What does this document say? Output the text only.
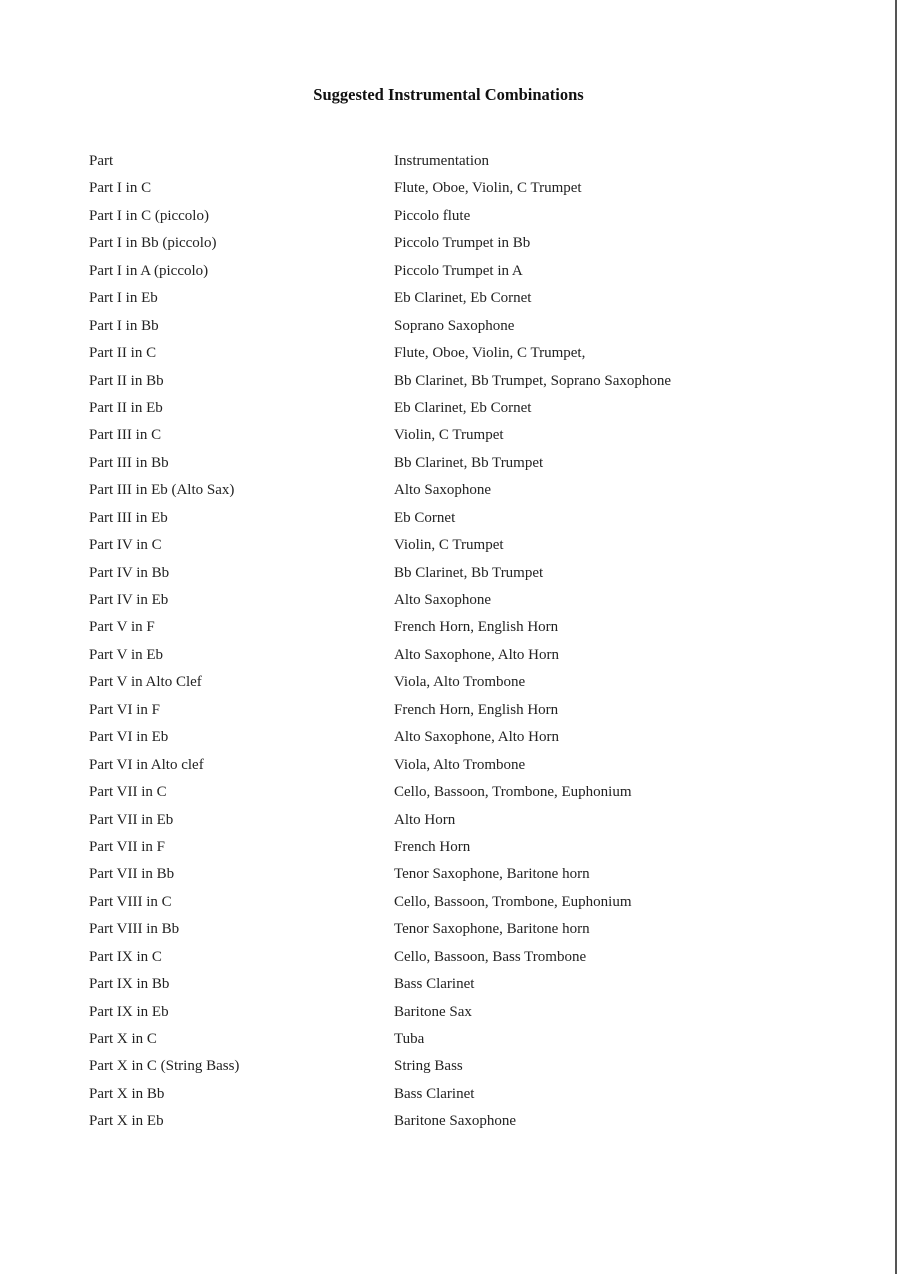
Suggested Instrumental Combinations
Part	Instrumentation
Part I in C	Flute, Oboe, Violin, C Trumpet
Part I in C (piccolo)	Piccolo flute
Part I in Bb (piccolo)	Piccolo Trumpet in Bb
Part I in A (piccolo)	Piccolo Trumpet in A
Part I in Eb	Eb Clarinet, Eb Cornet
Part I in Bb	Soprano Saxophone
Part II in C	Flute, Oboe, Violin, C Trumpet,
Part II in Bb	Bb Clarinet, Bb Trumpet, Soprano Saxophone
Part II in Eb	Eb Clarinet, Eb Cornet
Part III in C	Violin, C Trumpet
Part III in Bb	Bb Clarinet, Bb Trumpet
Part III in Eb (Alto Sax)	Alto Saxophone
Part III in Eb	Eb Cornet
Part IV in C	Violin, C Trumpet
Part IV in Bb	Bb Clarinet, Bb Trumpet
Part IV in Eb	Alto Saxophone
Part V in F	French Horn, English Horn
Part V in Eb	Alto Saxophone, Alto Horn
Part V in Alto Clef	Viola, Alto Trombone
Part VI in F	French Horn, English Horn
Part VI in Eb	Alto Saxophone, Alto Horn
Part VI in Alto clef	Viola, Alto Trombone
Part VII in C	Cello, Bassoon, Trombone, Euphonium
Part VII in Eb	Alto Horn
Part VII in F	French Horn
Part VII in Bb	Tenor Saxophone, Baritone horn
Part VIII in C	Cello, Bassoon, Trombone, Euphonium
Part VIII in Bb	Tenor Saxophone, Baritone horn
Part IX in C	Cello, Bassoon, Bass Trombone
Part IX in Bb	Bass Clarinet
Part IX in Eb	Baritone Sax
Part X in C	Tuba
Part X in C (String Bass)	String Bass
Part X in Bb	Bass Clarinet
Part X in Eb	Baritone Saxophone
